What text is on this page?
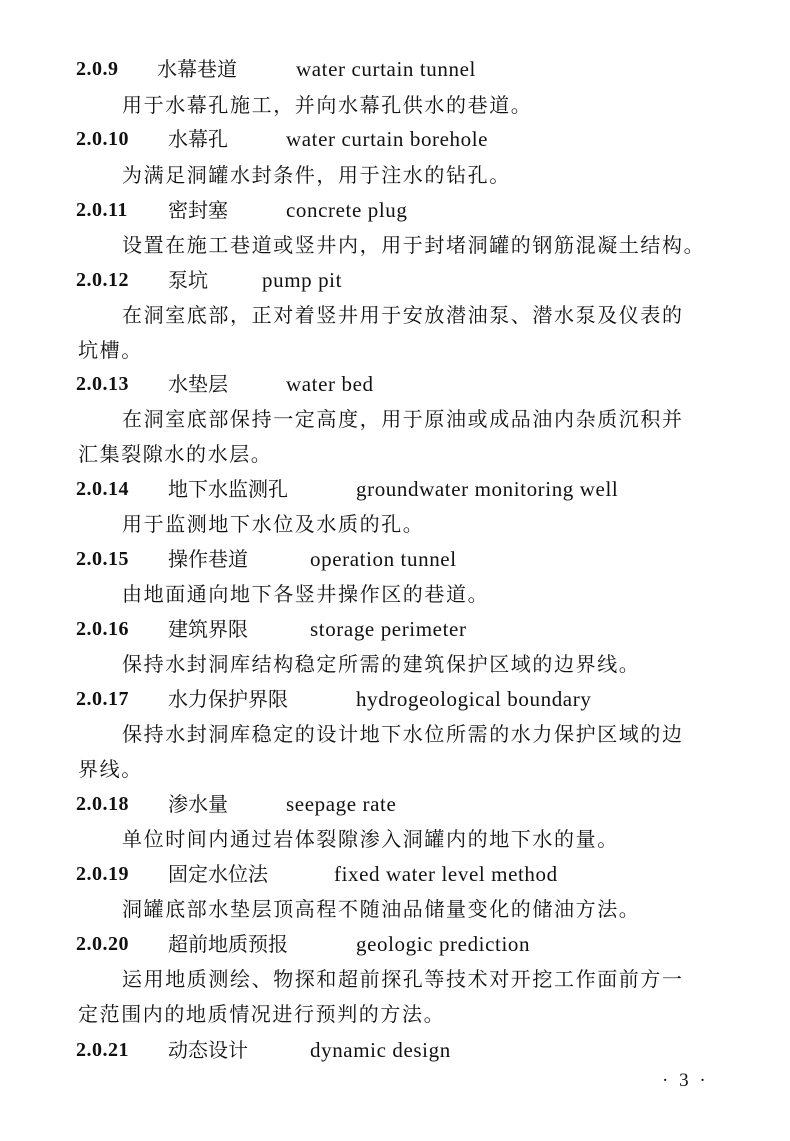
2.0.9 水幕巷道	water curtain tunnel
用于水幕孔施工，并向水幕孔供水的巷道。
2.0.10 水幕孔	water curtain borehole
为满足洞罐水封条件，用于注水的钻孔。
2.0.11 密封塞	concrete plug
设置在施工巷道或竖井内，用于封堵洞罐的钢筋混凝土结构。
2.0.12 泵坑	pump pit
在洞室底部，正对着竖井用于安放潜油泵、潜水泵及仪表的
坑槽。
2.0.13 水垫层	water bed
在洞室底部保持一定高度，用于原油或成品油内杂质沉积并
汇集裂隙水的水层。
2.0.14 地下水监测孔	groundwater monitoring well
用于监测地下水位及水质的孔。
2.0.15 操作巷道	operation tunnel
由地面通向地下各竖井操作区的巷道。
2.0.16 建筑界限	storage perimeter
保持水封洞库结构稳定所需的建筑保护区域的边界线。
2.0.17 水力保护界限	hydrogeological boundary
保持水封洞库稳定的设计地下水位所需的水力保护区域的边
界线。
2.0.18 渗水量	seepage rate
单位时间内通过岩体裂隙渗入洞罐内的地下水的量。
2.0.19 固定水位法	fixed water level method
洞罐底部水垫层顶高程不随油品储量变化的储油方法。
2.0.20 超前地质预报	geologic prediction
运用地质测绘、物探和超前探孔等技术对开挖工作面前方一
定范围内的地质情况进行预判的方法。
2.0.21 动态设计	dynamic design
· 3 ·
